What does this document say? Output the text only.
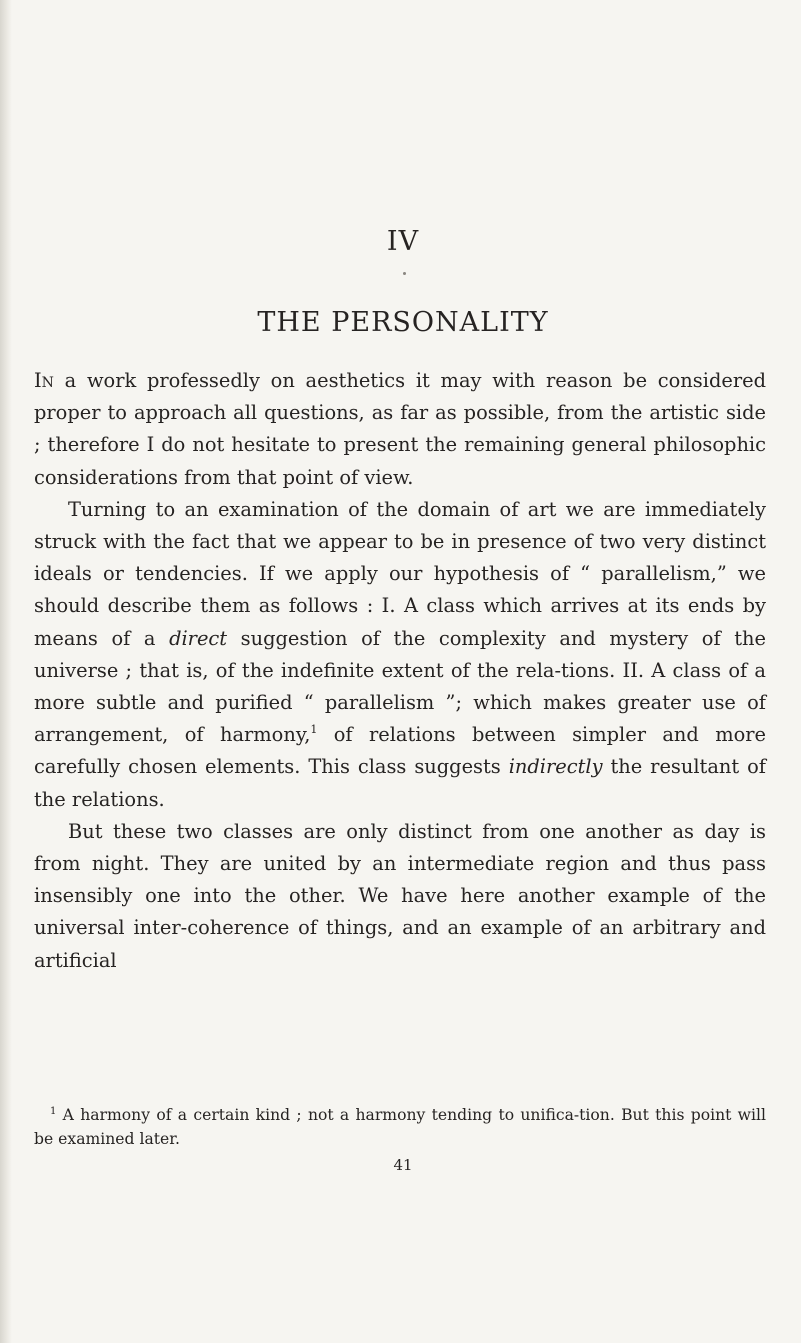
IV
THE PERSONALITY

In a work professedly on aesthetics it may with reason be considered proper to approach all questions, as far as possible, from the artistic side ; therefore I do not hesitate to present the remaining general philosophic considerations from that point of view.

Turning to an examination of the domain of art we are immediately struck with the fact that we appear to be in presence of two very distinct ideals or tendencies. If we apply our hypothesis of “ parallelism,” we should describe them as follows : I. A class which arrives at its ends by means of a direct suggestion of the complexity and mystery of the universe ; that is, of the indefinite extent of the rela-tions. II. A class of a more subtle and purified “ parallelism ”; which makes greater use of arrangement, of harmony,$^1$ of relations between simpler and more carefully chosen elements. This class suggests indirectly the resultant of the relations.

But these two classes are only distinct from one another as day is from night. They are united by an intermediate region and thus pass insensibly one into the other. We have here another example of the universal inter-coherence of things, and an example of an arbitrary and artificial

$^1$ A harmony of a certain kind ; not a harmony tending to unifica-tion. But this point will be examined later.

41
